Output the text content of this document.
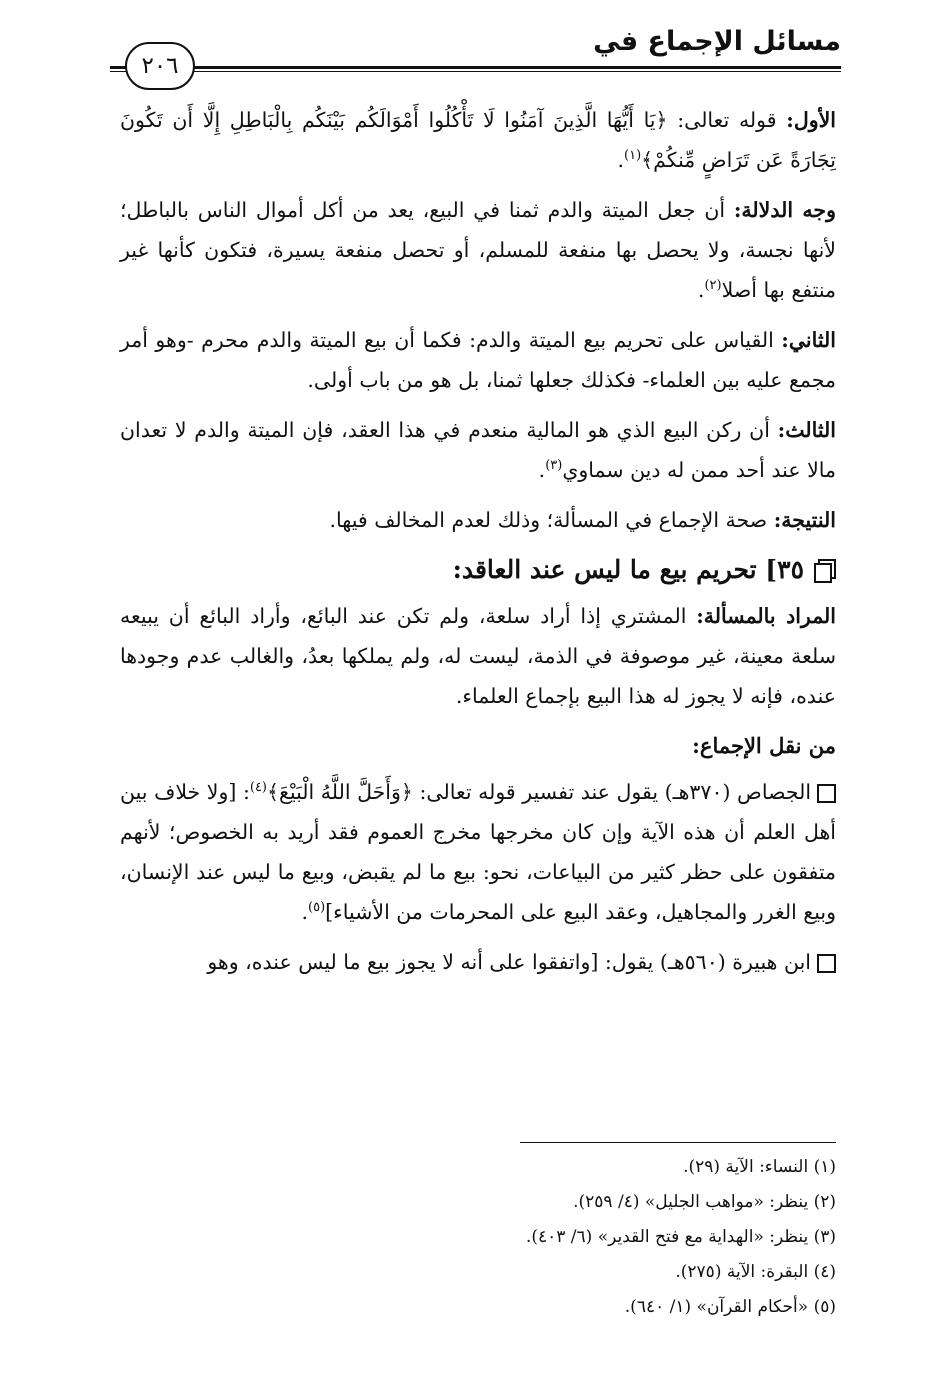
مسائل الإجماع في
٢٠٦

الأول: قوله تعالى: ﴿يَا أَيُّهَا الَّذِينَ آمَنُوا لَا تَأْكُلُوا أَمْوَالَكُم بَيْنَكُم بِالْبَاطِلِ إِلَّا أَن تَكُونَ تِجَارَةً عَن تَرَاضٍ مِّنكُمْ﴾$^{(١)}$.

وجه الدلالة: أن جعل الميتة والدم ثمنا في البيع، يعد من أكل أموال الناس بالباطل؛ لأنها نجسة، ولا يحصل بها منفعة للمسلم، أو تحصل منفعة يسيرة، فتكون كأنها غير منتفع بها أصلا$^{(٢)}$.

الثاني: القياس على تحريم بيع الميتة والدم: فكما أن بيع الميتة والدم محرم -وهو أمر مجمع عليه بين العلماء- فكذلك جعلها ثمنا، بل هو من باب أولى.

الثالث: أن ركن البيع الذي هو المالية منعدم في هذا العقد، فإن الميتة والدم لا تعدان مالا عند أحد ممن له دين سماوي$^{(٣)}$.

النتيجة: صحة الإجماع في المسألة؛ وذلك لعدم المخالف فيها.

٣٥] تحريم بيع ما ليس عند العاقد:

المراد بالمسألة: المشتري إذا أراد سلعة، ولم تكن عند البائع، وأراد البائع أن يبيعه سلعة معينة، غير موصوفة في الذمة، ليست له، ولم يملكها بعدُ، والغالب عدم وجودها عنده، فإنه لا يجوز له هذا البيع بإجماع العلماء.

من نقل الإجماع:

الجصاص (٣٧٠هـ) يقول عند تفسير قوله تعالى: ﴿وَأَحَلَّ اللَّهُ الْبَيْعَ﴾$^{(٤)}$: [ولا خلاف بين أهل العلم أن هذه الآية وإن كان مخرجها مخرج العموم فقد أريد به الخصوص؛ لأنهم متفقون على حظر كثير من البياعات، نحو: بيع ما لم يقبض، وبيع ما ليس عند الإنسان، وبيع الغرر والمجاهيل، وعقد البيع على المحرمات من الأشياء]$^{(٥)}$.

ابن هبيرة (٥٦٠هـ) يقول: [واتفقوا على أنه لا يجوز بيع ما ليس عنده، وهو

(١) النساء: الآية (٢٩).
(٢) ينظر: «مواهب الجليل» (٤/ ٢٥٩).
(٣) ينظر: «الهداية مع فتح القدير» (٦/ ٤٠٣).
(٤) البقرة: الآية (٢٧٥).
(٥) «أحكام القرآن» (١/ ٦٤٠).
